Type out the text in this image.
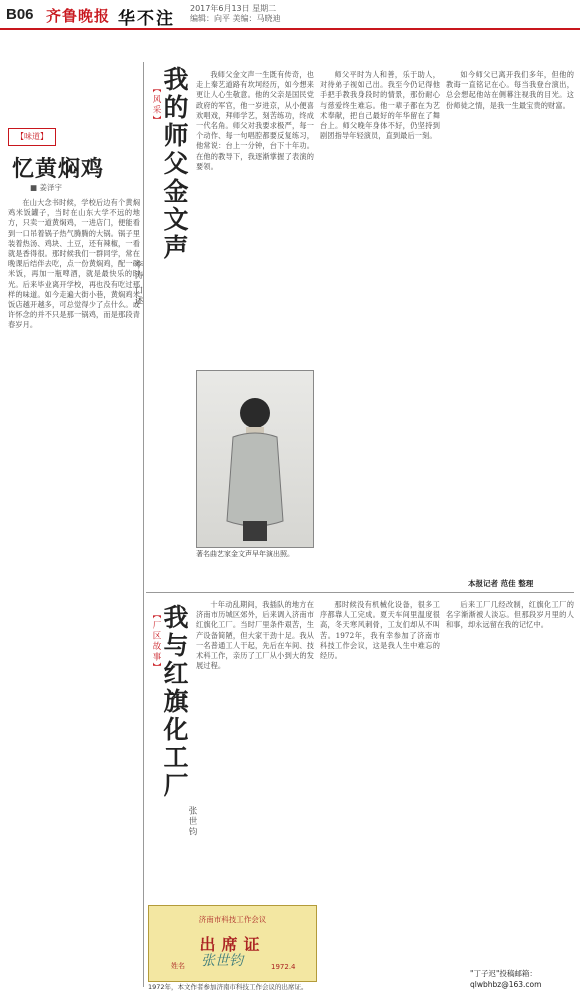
B06 齐鲁晚报 华不注
2017年6月13日 星期二
编辑：向平 美编：马晓迪
【味道】
忆黄焖鸡
■ 姜泽宇

在山大念书时候，学校后边有个黄焖鸡米饭罐子，当时在山东大学不远的地方，只卖一道黄焖鸡，一进店门，便能看到一口吊着锅子热气腾腾的大锅。锅子里装着热汤、鸡块、土豆，还有辣椒，一看就是香得很。那时候我们一群同学，常在晚课后结伴去吃，点一份黄焖鸡，配一碗米饭，再加一瓶啤酒，就是最快乐的时光。后来毕业离开学校，再也没有吃过那样的味道。如今走遍大街小巷，黄焖鸡米饭店越开越多，可总觉得少了点什么。或许怀念的并不只是那一锅鸡，而是那段青春岁月。

【风采】 我的师父金文声
李涛 口述

我师父金文声一生既有传奇，也走上秦艺道路有坎坷经历，如今想来更让人心生敬意。他的父亲是国民党政府的军官，他一岁进京，从小便喜欢唱戏，拜师学艺，刻苦练功，终成一代名角。师父对我要求极严，每一个动作、每一句唱腔都要反复练习，他常说：台上一分钟，台下十年功。在他的教导下，我逐渐掌握了表演的要领。

师父平时为人和善，乐于助人，对待弟子视如己出。我至今仍记得他手把手教我身段时的情景，那份耐心与慈爱终生难忘。他一辈子都在为艺术奉献，把自己最好的年华留在了舞台上。师父晚年身体不好，仍坚持到剧团指导年轻演员，直到最后一刻。

如今师父已离开我们多年，但他的教诲一直铭记在心。每当我登台演出，总会想起他站在侧幕注视我的目光。这份师徒之情，是我一生最宝贵的财富。

著名曲艺家金文声早年演出照。
本报记者 范佳 整理
【厂区故事】 我与红旗化工厂
张世钧

十年动乱期间，我插队的地方在济南市历城区郊外，后来调入济南市红旗化工厂。当时厂里条件艰苦，生产设备简陋，但大家干劲十足。我从一名普通工人干起，先后在车间、技术科工作，亲历了工厂从小到大的发展过程。

那时候没有机械化设备，很多工序都靠人工完成。夏天车间里温度很高，冬天寒风刺骨，工友们却从不叫苦。1972年，我有幸参加了济南市科技工作会议，这是我人生中难忘的经历。

后来工厂几经改制，红旗化工厂的名字渐渐被人淡忘。但那段岁月里的人和事，却永远留在我的记忆中。

济南市科技工作会议
出席证
姓名 张世钧	1972.4
1972年，本文作者参加济南市科技工作会议的出席证。
"丁子迟"投稿邮箱：qlwbhbz@163.com
